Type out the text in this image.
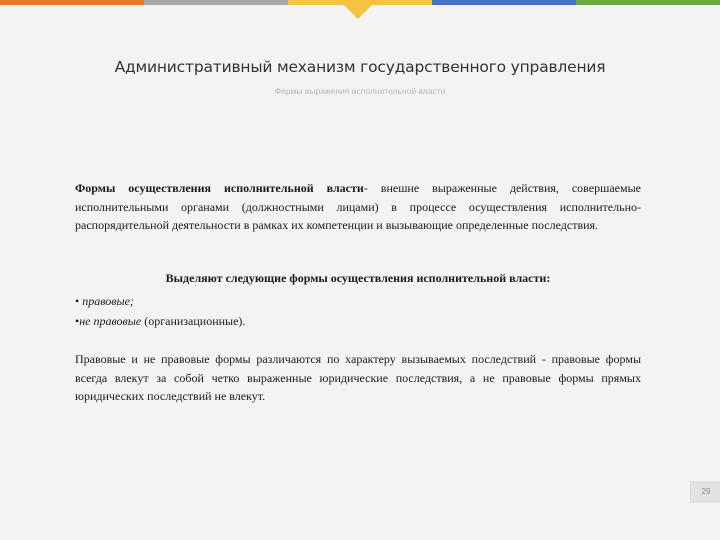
Административный механизм государственного управления
Формы выражения исполнительной власти
Формы осуществления исполнительной власти- внешне выраженные действия, совершаемые исполнительными органами (должностными лицами) в процессе осуществления исполнительно-распорядительной деятельности в рамках их компетенции и вызывающие определенные последствия.
Выделяют следующие формы осуществления исполнительной власти:

• правовые;

•не правовые (организационные).

Правовые и не правовые формы различаются по характеру вызываемых последствий - правовые формы всегда влекут за собой четко выраженные юридические последствия, а не правовые формы прямых юридических последствий не влекут.
29
